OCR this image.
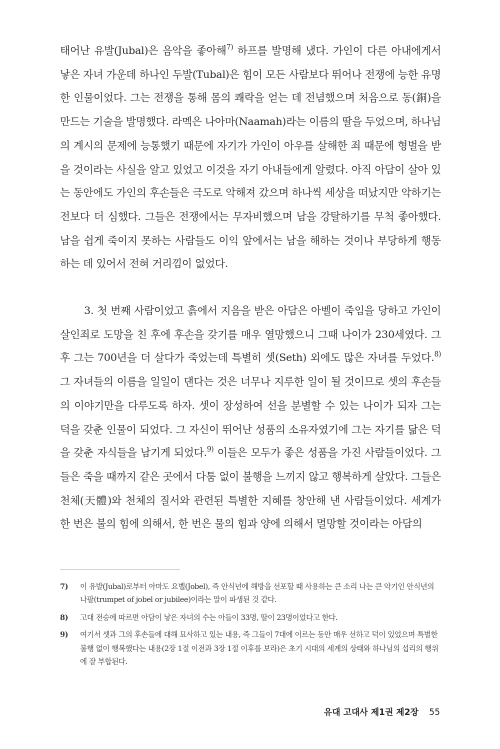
태어난 유발(Jubal)은 음악을 좋아해$^{7)}$ 하프를 발명해 냈다. 가인이 다른 아내에게서 낳은 자녀 가운데 하나인 두발(Tubal)은 힘이 모든 사람보다 뛰어나 전쟁에 능한 유명한 인물이었다. 그는 전쟁을 통해 몸의 쾌락을 얻는 데 전념했으며 처음으로 동(銅)을 만드는 기술을 발명했다. 라멕은 나아마(Naamah)라는 이름의 딸을 두었으며, 하나님의 계시의 문제에 능통했기 때문에 자기가 가인이 아우를 살해한 죄 때문에 형벌을 받을 것이라는 사실을 알고 있었고 이것을 자기 아내들에게 알렸다. 아직 아담이 살아 있는 동안에도 가인의 후손들은 극도로 악해져 갔으며 하나씩 세상을 떠났지만 악하기는 전보다 더 심했다. 그들은 전쟁에서는 무자비했으며 남을 강탈하기를 무척 좋아했다. 남을 쉽게 죽이지 못하는 사람들도 이익 앞에서는 남을 해하는 것이나 부당하게 행동하는 데 있어서 전혀 거리낌이 없었다.

3. 첫 번째 사람이었고 흙에서 지음을 받은 아담은 아벨이 죽임을 당하고 가인이 살인죄로 도망을 친 후에 후손을 갖기를 매우 열망했으니 그때 나이가 230세였다. 그 후 그는 700년을 더 살다가 죽었는데 특별히 셋(Seth) 외에도 많은 자녀를 두었다.$^{8)}$ 그 자녀들의 이름을 일일이 댄다는 것은 너무나 지루한 일이 될 것이므로 셋의 후손들의 이야기만을 다루도록 하자. 셋이 장성하여 선을 분별할 수 있는 나이가 되자 그는 덕을 갖춘 인물이 되었다. 그 자신이 뛰어난 성품의 소유자였기에 그는 자기를 닮은 덕을 갖춘 자식들을 남기게 되었다.$^{9)}$ 이들은 모두가 좋은 성품을 가진 사람들이었다. 그들은 죽을 때까지 같은 곳에서 다툼 없이 불행을 느끼지 않고 행복하게 살았다. 그들은 천체(天體)와 천체의 질서와 관련된 특별한 지혜를 창안해 낸 사람들이었다. 세계가 한 번은 불의 힘에 의해서, 한 번은 물의 힘과 양에 의해서 멸망할 것이라는 아담의

7)	이 유발(Jubal)로부터 아마도 요벨(Jobel), 즉 안식년에 해방을 선포할 때 사용하는 큰 소리 나는 큰 악기인 안식년의 나팔(trumpet of jobel or jubilee)이라는 말이 파생된 것 같다.
8)	고대 전승에 따르면 아담이 낳은 자녀의 수는 아들이 33명, 딸이 23명이었다고 한다.
9)	여기서 셋과 그의 후손들에 대해 묘사하고 있는 내용, 즉 그들이 7대에 이르는 동안 매우 선하고 덕이 있었으며 특별한 불행 없이 행복했다는 내용(2장 1절 이전과 3장 1절 이후를 보라)은 초기 시대의 세계의 상태와 하나님의 섭리의 행위에 잘 부합된다.
유대 고대사 제1권 제2장 55
